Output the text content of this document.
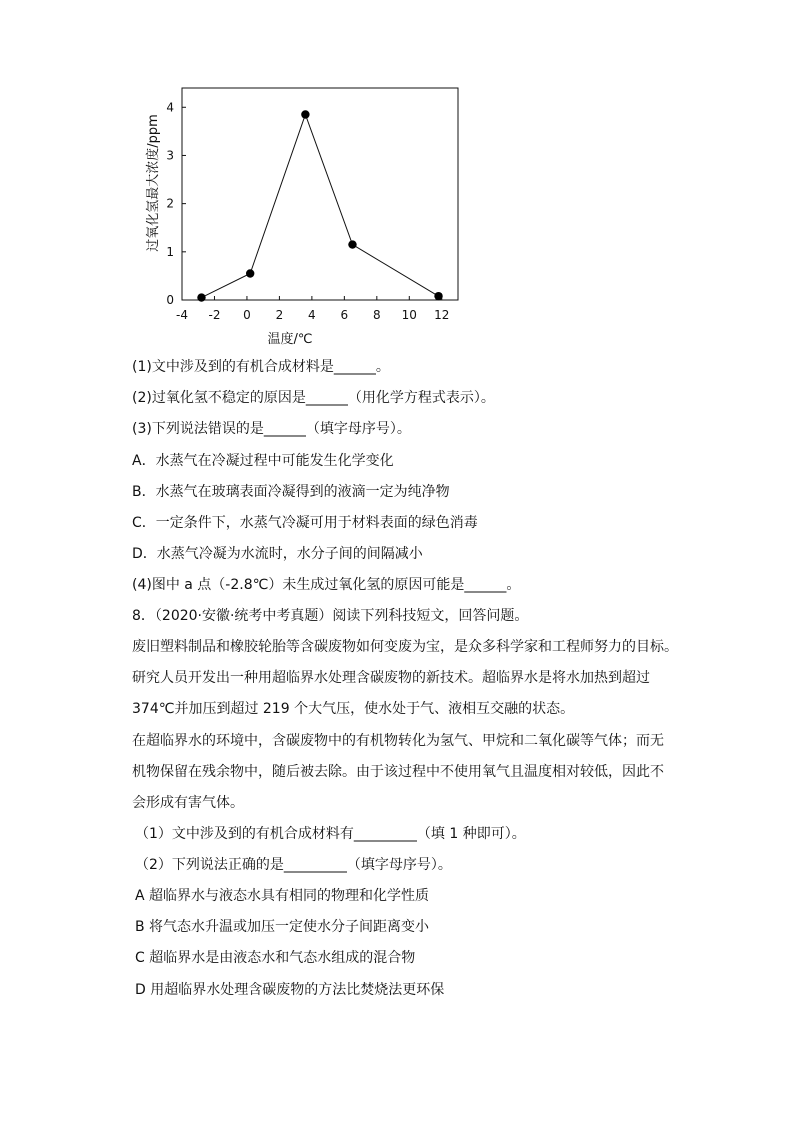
-4 -2 0 2 4 6 8 10 12
0
1
2
3
4
过氧化氢最大浓度/ppm
温度/℃
(1)文中涉及到的有机合成材料是______。
(2)过氧化氢不稳定的原因是______（用化学方程式表示）。
(3)下列说法错误的是______（填字母序号）。
A．水蒸气在冷凝过程中可能发生化学变化
B．水蒸气在玻璃表面冷凝得到的液滴一定为纯净物
C．一定条件下，水蒸气冷凝可用于材料表面的绿色消毒
D．水蒸气冷凝为水流时，水分子间的间隔减小
(4)图中 a 点（-2.8℃）未生成过氧化氢的原因可能是______。
8．（2020·安徽·统考中考真题）阅读下列科技短文，回答问题。
废旧塑料制品和橡胶轮胎等含碳废物如何变废为宝，是众多科学家和工程师努力的目标。
研究人员开发出一种用超临界水处理含碳废物的新技术。超临界水是将水加热到超过
374℃并加压到超过 219 个大气压，使水处于气、液相互交融的状态。
在超临界水的环境中，含碳废物中的有机物转化为氢气、甲烷和二氧化碳等气体；而无
机物保留在残余物中，随后被去除。由于该过程中不使用氧气且温度相对较低，因此不
会形成有害气体。
（1）文中涉及到的有机合成材料有_________（填 1 种即可）。
（2）下列说法正确的是_________（填字母序号）。
A 超临界水与液态水具有相同的物理和化学性质
B 将气态水升温或加压一定使水分子间距离变小
C 超临界水是由液态水和气态水组成的混合物
D 用超临界水处理含碳废物的方法比焚烧法更环保
